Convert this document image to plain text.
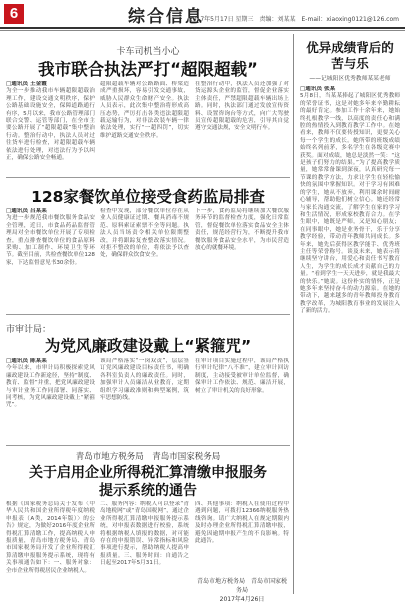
6	综合信息
2017年5月17日 星期三　责编：刘某某　E-mail：xiaoxing0121@126.com
卡车司机当小心
我市联合执法严打“超限超载”
□通讯员 王金霞
为全一步推动我市车辆超限超载治理工作，建设交通文明秩序，保护公路基础设施安全，保障道路通行有序，5月以来，我市公路管理部门联合交警、运管等部门，在全市主要公路开展了“超限超载”集中整治行动。整治行动中，执法人员对过往货车进行检查，对超限超载车辆依法进行处理，对违法行为予以纠正，确保公路安全畅通。
超限超载车辆对公路路面、桥梁造成严重损坏，容易引发交通事故，威胁人民群众生命财产安全。执法人员表示，此次集中整治将形成高压态势，严厉打击各类违法超限超载运输行为，对非法改装车辆一律依法处理，实行“一超四罚”，切实维护道路交通安全秩序。
在整治行动中，执法人员还加强了对货运源头企业的监管，督促企业落实主体责任，严禁超限超载车辆出场上路。同时，执法部门通过发放宣传资料、设置咨询台等方式，向广大驾驶员宣传超限超载的危害，引导其自觉遵守交通法规，安全文明行车。
128家餐饮单位接受食药监局排查
□通讯员 吕某某
为进一步规范我市餐饮服务食品安全管理，近日，市食品药品监督管理局对全市餐饮单位开展了专项检查，重点排查餐饮单位的食品原料采购、加工制作、环境卫生等环节。截至目前，共检查餐饮单位128家，下达监督意见书30余份。
检查中发现，部分餐饮单位存在从业人员健康证过期、餐具消毒不规范、原料索证索票不全等问题。执法人员当场责令相关单位限期整改，并将跟踪复查整改落实情况。对拒不整改的单位，将依法予以查处，确保群众饮食安全。
下一步，食药监局将继续加大餐饮服务环节的监督检查力度，强化日常监管，督促餐饮单位落实食品安全主体责任，规范经营行为，不断提升我市餐饮服务食品安全水平，为市民营造放心的就餐环境。
市审计局：
为党风廉政建设戴上“紧箍咒”
□通讯员 陈某某
今年以来，市审计局积极探索党风廉政建设工作新途径，坚持“制度、教育、监督”并重，把党风廉政建设与审计业务工作同部署、同落实、同考核，为党风廉政建设戴上“紧箍咒”。
该局严格落实“一岗双责”，层层签订党风廉政建设目标责任书，明确各科室负责人的廉政责任。同时，加强审计人员廉洁从业教育，定期组织学习廉政准则和典型案例，筑牢思想防线。
在审计项目实施过程中，该局严格执行审计纪律“八不准”，建立审计回访制度，主动接受被审计单位监督，确保审计工作依法、规范、廉洁开展，树立了审计机关的良好形象。
青岛市地方税务局　青岛市国家税务局
关于启用企业所得税汇算清缴申报服务
提示系统的通告
根据《国家税务总局关于发布〈中华人民共和国企业所得税年度纳税申报表（A类，2014年版）〉的公告》规定，为做好2016年度企业所得税汇算清缴工作，提高纳税人申报质量，青岛市地方税务局、青岛市国家税务局开发了企业所得税汇算清缴申报服务提示系统，现将有关事项通告如下：一、服务对象：全市企业所得税居民企业纳税人。
二、服务内容：纳税人可以登录“青岛地税网”或“青岛国税网”，通过企业所得税汇算清缴申报服务提示系统，对申报表数据进行校验，系统将根据纳税人填报的数据，对可能存在的申报错误、异常指标和风险事项进行提示，帮助纳税人提高申报质量。三、服务时间：自通告之日起至2017年5月31日。
四、其他事项：纳税人在使用过程中遇到问题，可拨打12366纳税服务热线咨询。请广大纳税人在规定期限内及时办理企业所得税汇算清缴申报，避免因逾期申报产生的不良影响。特此通告。
青岛市地方税务局　青岛市国家税务局
2017年4月26日
优异成绩背后的
苦与乐
——记城阳区优秀教师某某老师
□通讯员 张某
5月8日，当某某捧起了城阳区优秀教师的荣誉证书，这是对她多年来辛勤耕耘的最好肯定。参加工作十余年来，她始终扎根教学一线，以高度的责任心和满腔的热情投入到教育教学工作中。在她看来，教师不仅要传授知识，更要关心每一个学生的成长。她所带的班级成绩始终名列前茅，多名学生在各级竞赛中获奖。面对成绩，她总是淡然一笑：“这是孩子们努力的结果。”为了提高教学质量，她常常备课到深夜，认真研究每一节课的教学方法，力求让学生在轻松愉快的氛围中掌握知识。对于学习有困难的学生，她从不放弃，利用课余时间耐心辅导，帮助他们树立信心。她还经常与家长沟通交流，了解学生在家的学习和生活情况，形成家校教育合力。在学生眼中，她既是严师，又是知心朋友；在同事眼中，她是业务骨干，乐于分享教学经验，带动青年教师共同成长。多年来，她先后获得区教学能手、优秀班主任等荣誉称号。谈及未来，她表示将继续坚守讲台，用爱心和责任书写教育人生，为学生的成长成才贡献自己的力量。“看到学生一天天进步，就是我最大的快乐。”她说。这份朴实的情怀，正是她多年来坚持奋斗的动力源泉。在她的带动下，越来越多的青年教师投身教育教学改革，为城阳教育事业的发展注入了新的活力。
